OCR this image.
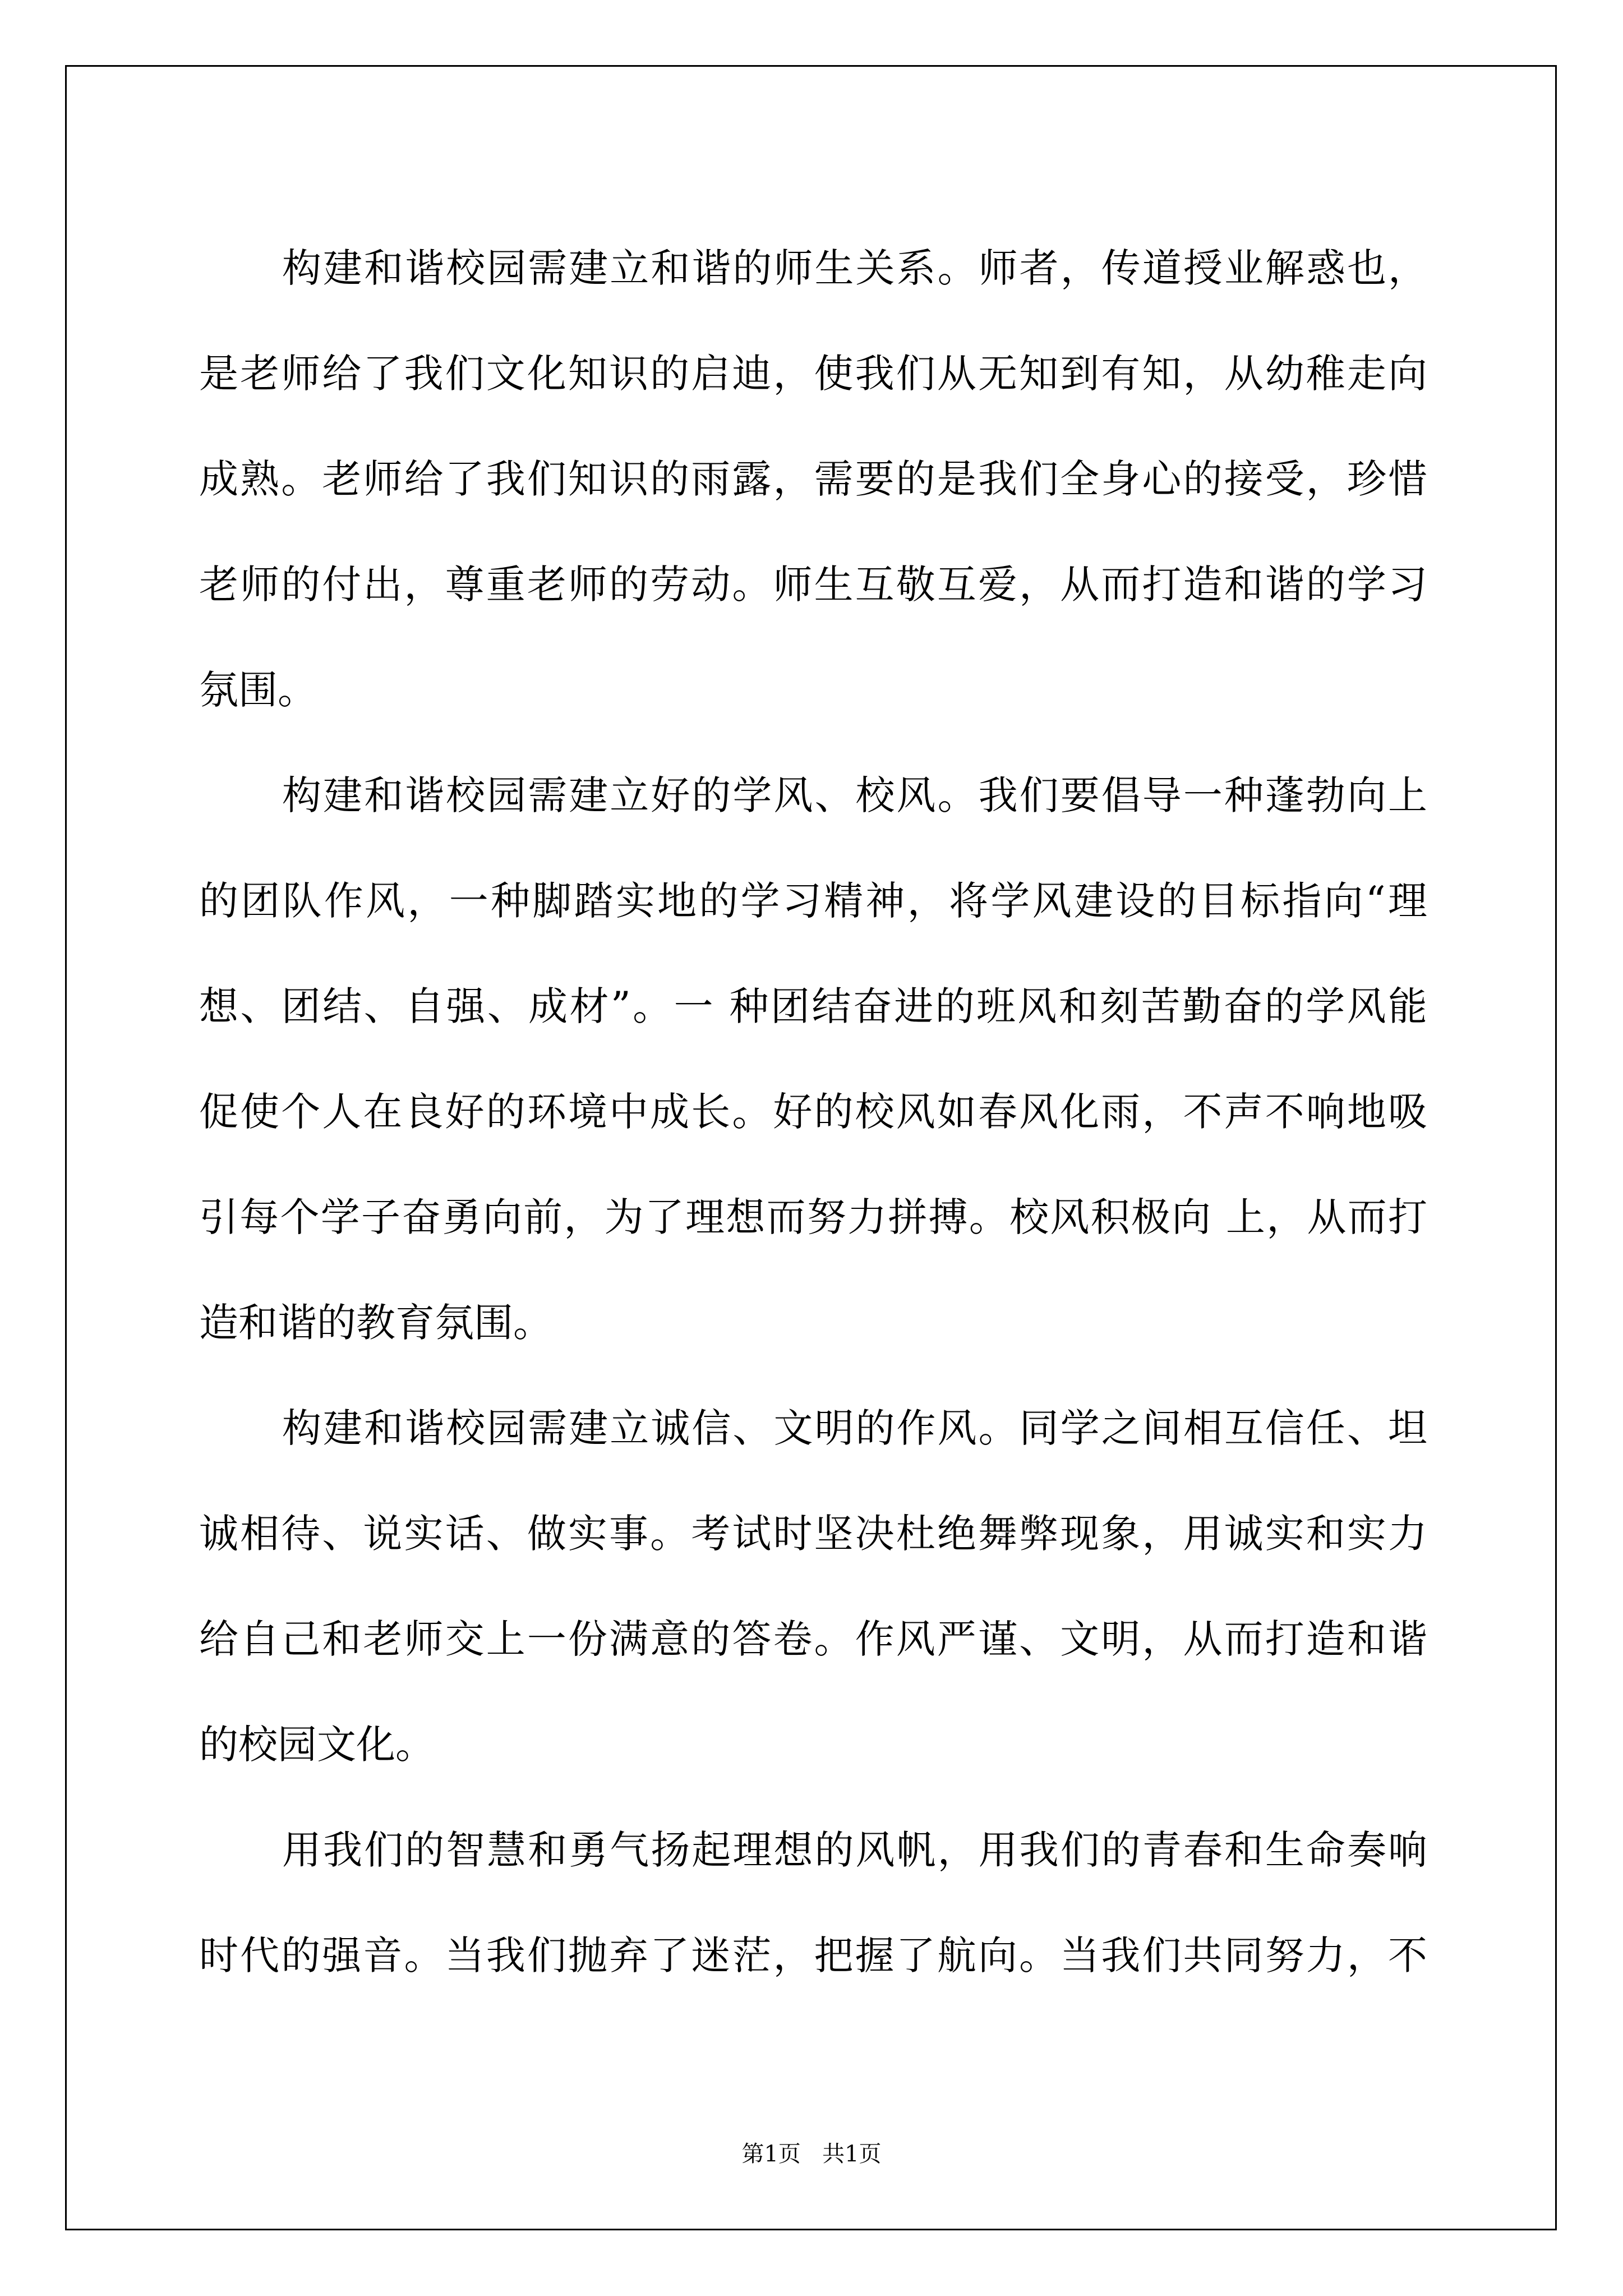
构建和谐校园需建立和谐的师生关系。师者，传道授业解惑也，
是老师给了我们文化知识的启迪，使我们从无知到有知，从幼稚走向
成熟。老师给了我们知识的雨露，需要的是我们全身心的接受，珍惜
老师的付出，尊重老师的劳动。师生互敬互爱，从而打造和谐的学习
氛围。
构建和谐校园需建立好的学风、校风。我们要倡导一种蓬勃向上
的团队作风，一种脚踏实地的学习精神，将学风建设的目标指向“理
想、团结、自强、成材”。一 种团结奋进的班风和刻苦勤奋的学风能
促使个人在良好的环境中成长。好的校风如春风化雨，不声不响地吸
引每个学子奋勇向前，为了理想而努力拼搏。校风积极向 上，从而打
造和谐的教育氛围。
构建和谐校园需建立诚信、文明的作风。同学之间相互信任、坦
诚相待、说实话、做实事。考试时坚决杜绝舞弊现象，用诚实和实力
给自己和老师交上一份满意的答卷。作风严谨、文明，从而打造和谐
的校园文化。
用我们的智慧和勇气扬起理想的风帆，用我们的青春和生命奏响
时代的强音。当我们抛弃了迷茫，把握了航向。当我们共同努力，不
第1页 共1页
